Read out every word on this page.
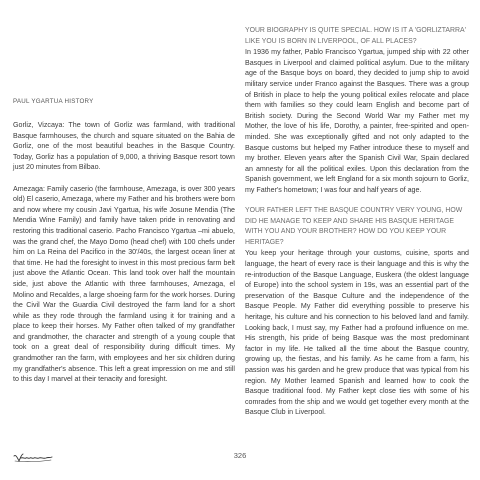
PAUL YGARTUA HISTORY

Gorliz, Vizcaya: The town of Gorliz was farmland, with traditional Basque farmhouses, the church and square situated on the Bahia de Gorliz, one of the most beautiful beaches in the Basque Country. Today, Gorliz has a population of 9,000, a thriving Basque resort town just 20 minutes from Bilbao.

Amezaga: Family caserio (the farmhouse, Amezaga, is over 300 years old) El caserio, Amezaga, where my Father and his brothers were born and now where my cousin Javi Ygartua, his wife Josune Mendia (The Mendia Wine Family) and family have taken pride in renovating and restoring this traditional caserio. Pacho Francisco Ygartua –mi abuelo, was the grand chef, the Mayo Domo (head chef) with 100 chefs under him on La Reina del Pacifico in the 30'/40s, the largest ocean liner at that time. He had the foresight to invest in this most precious farm belt just above the Atlantic Ocean. This land took over half the mountain side, just above the Atlantic with three farmhouses, Amezaga, el Molino and Recaldes, a large shoeing farm for the work horses. During the Civil War the Guardia Civil destroyed the farm land for a short while as they rode through the farmland using it for training and a place to keep their horses. My Father often talked of my grandfather and grandmother, the character and strength of a young couple that took on a great deal of responsibility during difficult times. My grandmother ran the farm, with employees and her six children during my grandfather's absence. This left a great impression on me and still to this day I marvel at their tenacity and foresight.

YOUR BIOGRAPHY IS QUITE SPECIAL. HOW IS IT A 'GORLIZTARRA' LIKE YOU IS BORN IN LIVERPOOL, OF ALL PLACES?

In 1936 my father, Pablo Francisco Ygartua, jumped ship with 22 other Basques in Liverpool and claimed political asylum. Due to the military age of the Basque boys on board, they decided to jump ship to avoid military service under Franco against the Basques. There was a group of British in place to help the young political exiles relocate and place them with families so they could learn English and become part of British society. During the Second World War my Father met my Mother, the love of his life, Dorothy, a painter, free-spirited and open-minded. She was exceptionally gifted and not only adapted to the Basque customs but helped my Father introduce these to myself and my brother. Eleven years after the Spanish Civil War, Spain declared an amnesty for all the political exiles. Upon this declaration from the Spanish government, we left England for a six month sojourn to Gorliz, my Father's hometown; I was four and half years of age.

YOUR FATHER LEFT THE BASQUE COUNTRY VERY YOUNG, HOW DID HE MANAGE TO KEEP AND SHARE HIS BASQUE HERITAGE WITH YOU AND YOUR BROTHER? HOW DO YOU KEEP YOUR HERITAGE?

You keep your heritage through your customs, cuisine, sports and language, the heart of every race is their language and this is why the re-introduction of the Basque Language, Euskera (the oldest language of Europe) into the school system in 19s, was an essential part of the preservation of the Basque Culture and the independence of the Basque People. My Father did everything possible to preserve his heritage, his culture and his connection to his beloved land and family. Looking back, I must say, my Father had a profound influence on me. His strength, his pride of being Basque was the most predominant factor in my life. He talked all the time about the Basque country, growing up, the fiestas, and his family. As he came from a farm, his passion was his garden and he grew produce that was typical from his region. My Mother learned Spanish and learned how to cook the Basque traditional food. My Father kept close ties with some of his comrades from the ship and we would get together every month at the Basque Club in Liverpool.

326
